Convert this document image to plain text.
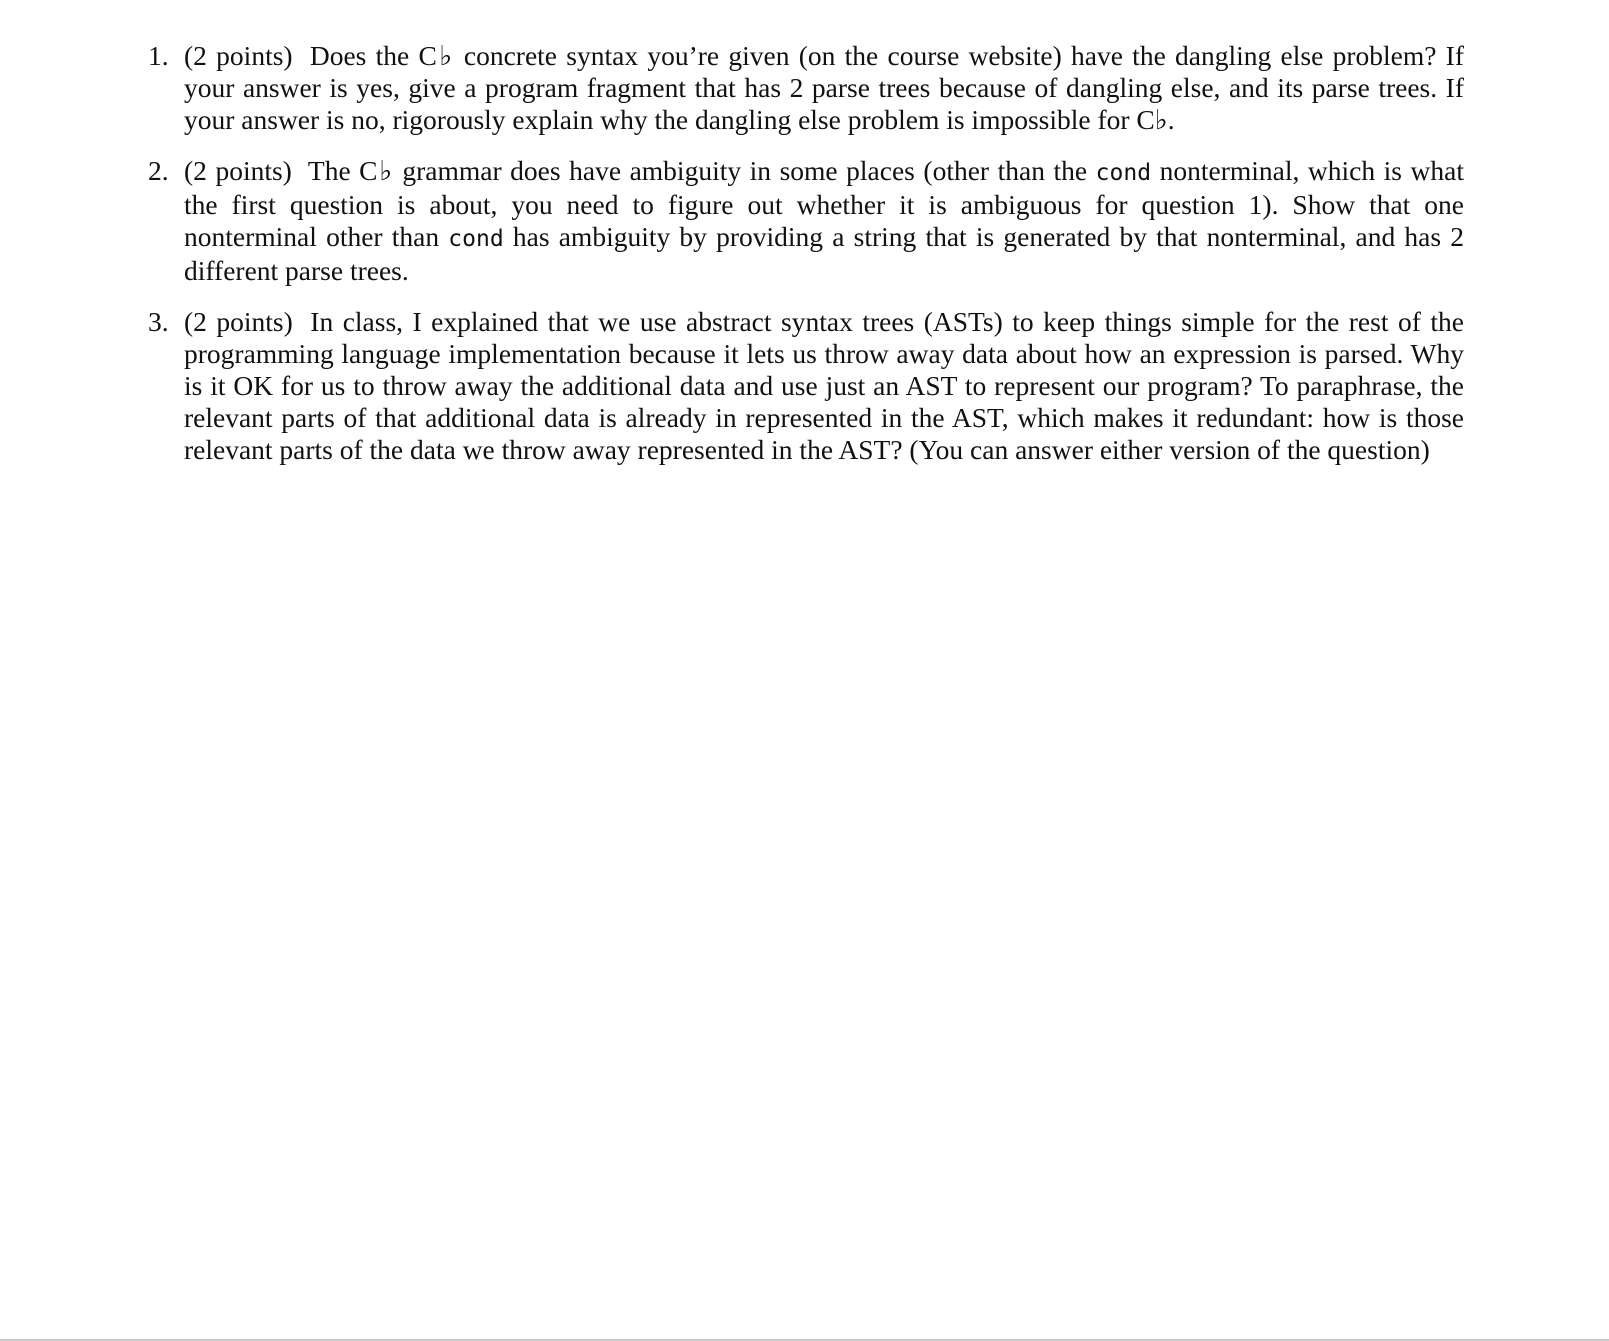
1. (2 points) Does the C♭ concrete syntax you’re given (on the course website) have the dangling else problem? If your answer is yes, give a program fragment that has 2 parse trees because of dangling else, and its parse trees. If your answer is no, rigorously explain why the dangling else problem is impossible for C♭.
2. (2 points) The C♭ grammar does have ambiguity in some places (other than the cond nonterminal, which is what the first question is about, you need to figure out whether it is ambiguous for question 1). Show that one nonterminal other than cond has ambiguity by providing a string that is generated by that nonterminal, and has 2 different parse trees.
3. (2 points) In class, I explained that we use abstract syntax trees (ASTs) to keep things simple for the rest of the programming language implementation because it lets us throw away data about how an expression is parsed. Why is it OK for us to throw away the additional data and use just an AST to represent our program? To paraphrase, the relevant parts of that additional data is already in represented in the AST, which makes it redundant: how is those relevant parts of the data we throw away represented in the AST? (You can answer either version of the question)
